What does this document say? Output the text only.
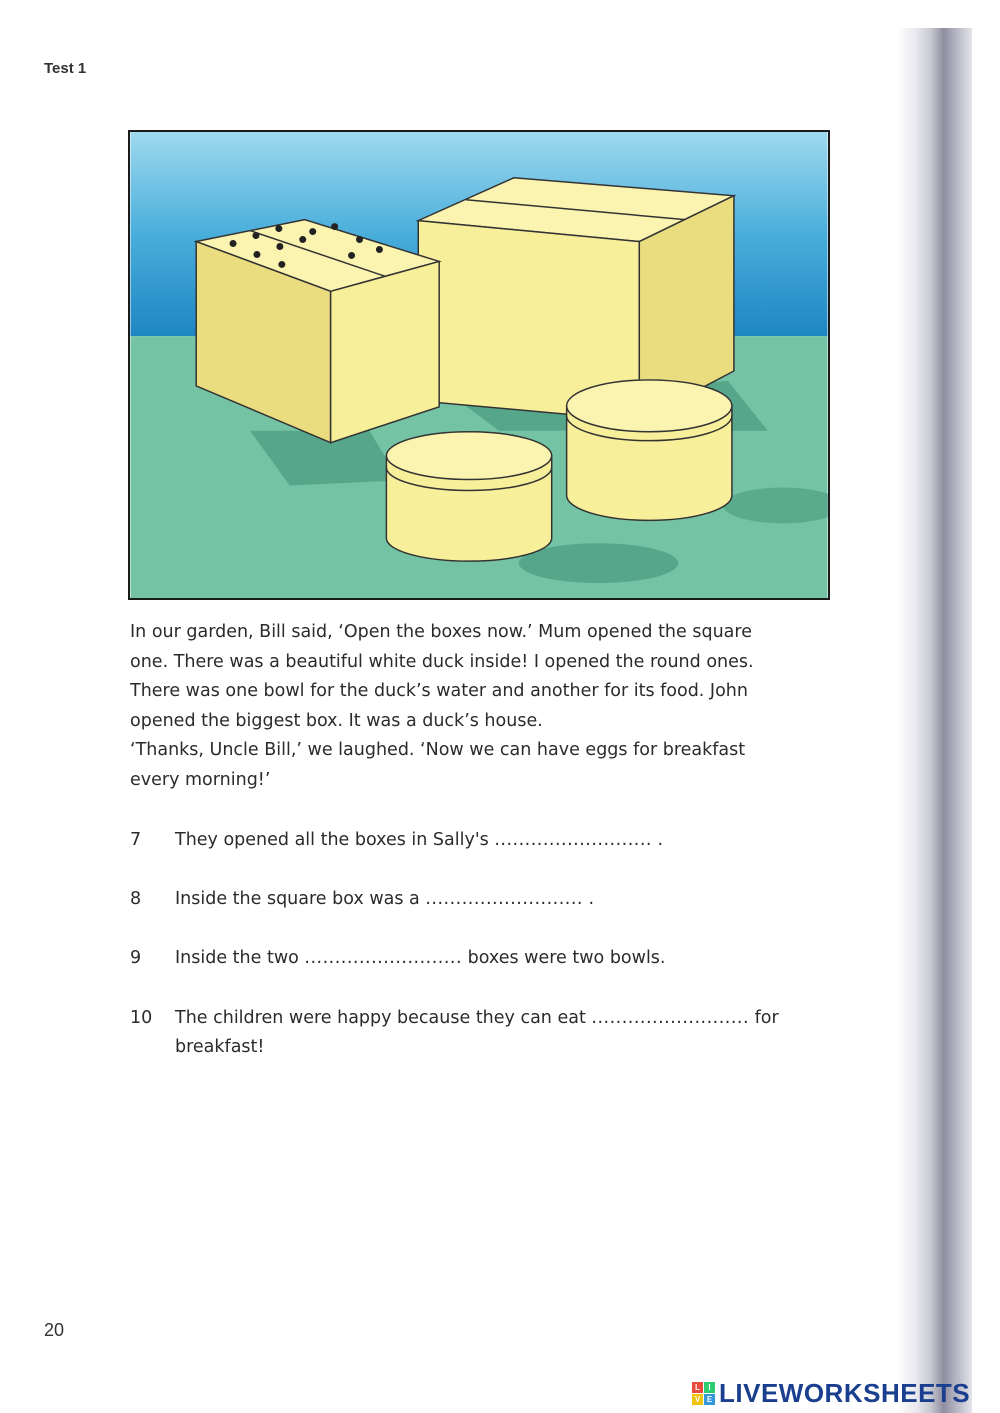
Test 1

In our garden, Bill said, ‘Open the boxes now.’ Mum opened the square

one. There was a beautiful white duck inside! I opened the round ones.

There was one bowl for the duck’s water and another for its food. John

opened the biggest box. It was a duck’s house.

‘Thanks, Uncle Bill,’ we laughed. ‘Now we can have eggs for breakfast

every morning!’

7	They opened all the boxes in Sally's .......................... .
8	Inside the square box was a .......................... .
9	Inside the two .......................... boxes were two bowls.
10	The children were happy because they can eat .......................... for
breakfast!
20
L	I
V E LIVEWORKSHEETS
